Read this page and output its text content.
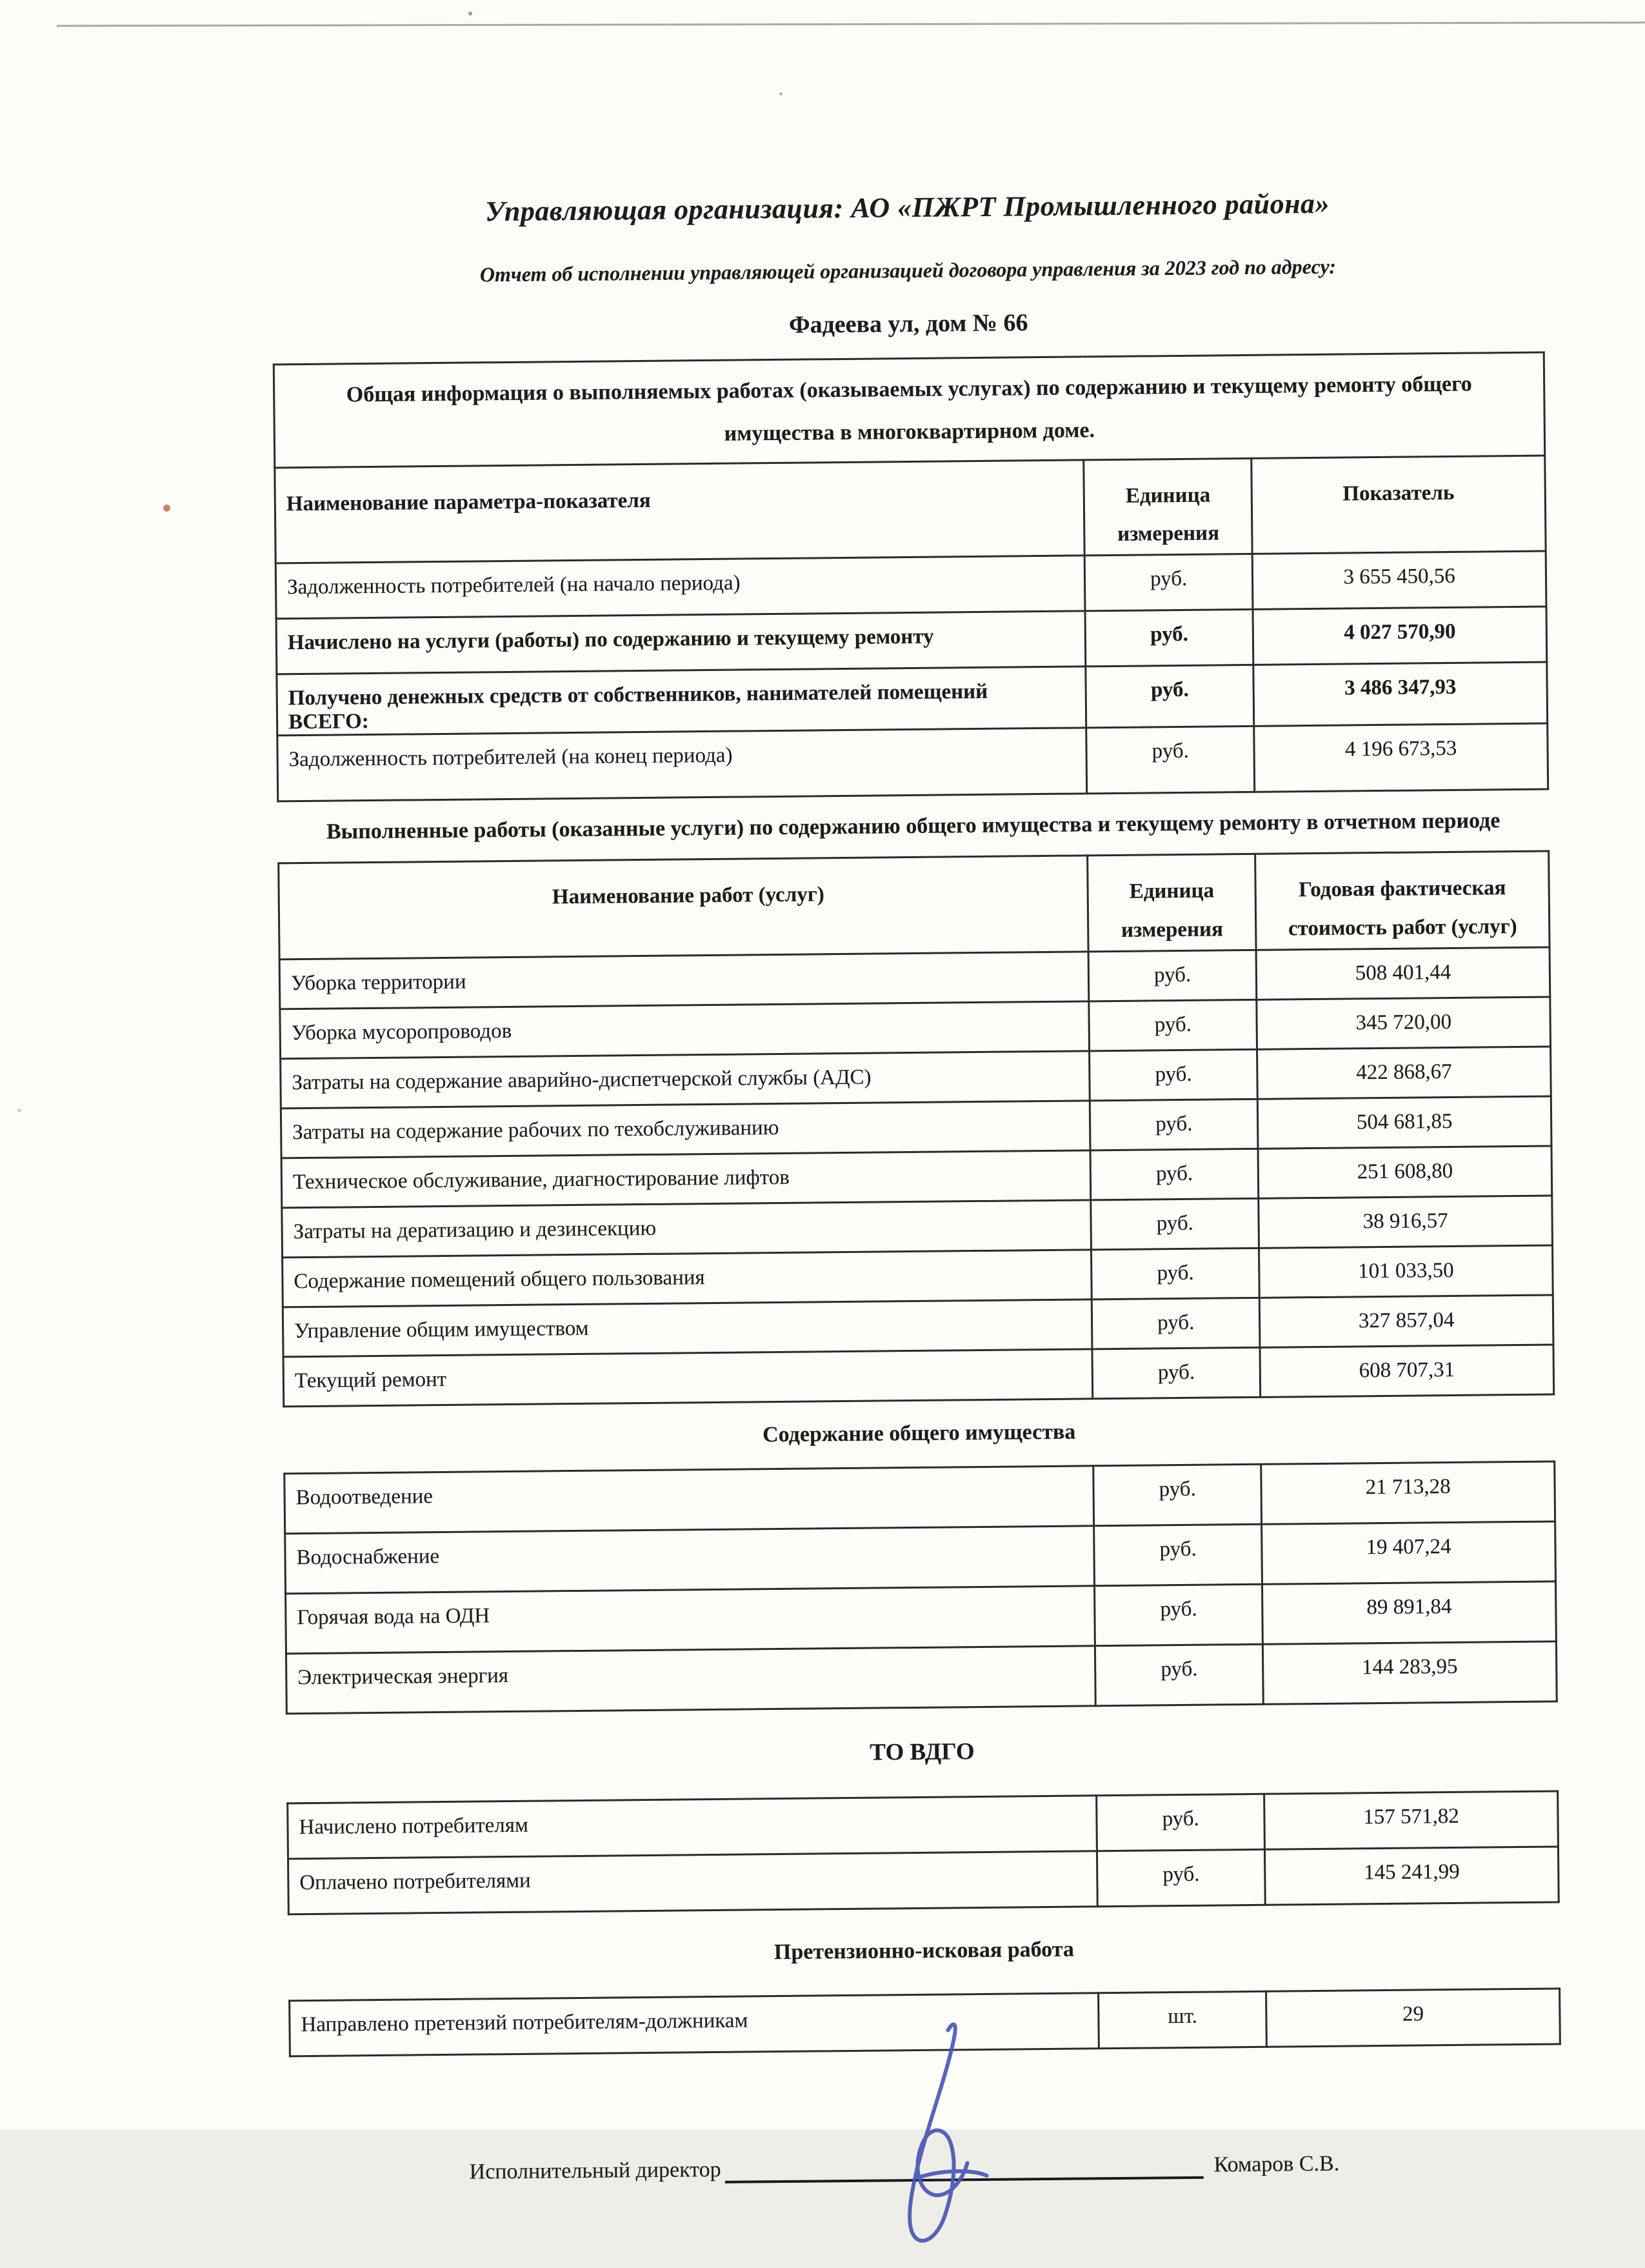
Управляющая организация: АО «ПЖРТ Промышленного района»
Отчет об исполнении управляющей организацией договора управления за 2023 год по адресу:
Фадеева ул, дом № 66
Общая информация о выполняемых работах (оказываемых услугах) по содержанию и текущему ремонту общего имущества в многоквартирном доме.		
Наименование параметра-показателя	Единица измерения	Показатель
Задолженность потребителей (на начало периода)	руб.	3 655 450,56
Начислено на услуги (работы) по содержанию и текущему ремонту	руб.	4 027 570,90
Получено денежных средств от собственников, нанимателей помещений ВСЕГО:	руб.	3 486 347,93
Задолженность потребителей (на конец периода)	руб.	4 196 673,53
Выполненные работы (оказанные услуги) по содержанию общего имущества и текущему ремонту в отчетном периоде
Наименование работ (услуг)	Единица измерения	Годовая фактическая стоимость работ (услуг)
Уборка территории	руб.	508 401,44
Уборка мусоропроводов	руб.	345 720,00
Затраты на содержание аварийно-диспетчерской службы (АДС)	руб.	422 868,67
Затраты на содержание рабочих по техобслуживанию	руб.	504 681,85
Техническое обслуживание, диагностирование лифтов	руб.	251 608,80
Затраты на дератизацию и дезинсекцию	руб.	38 916,57
Содержание помещений общего пользования	руб.	101 033,50
Управление общим имуществом	руб.	327 857,04
Текущий ремонт	руб.	608 707,31
Содержание общего имущества
Водоотведение	руб.	21 713,28
Водоснабжение	руб.	19 407,24
Горячая вода на ОДН	руб.	89 891,84
Электрическая энергия	руб.	144 283,95
ТО ВДГО
Начислено потребителям	руб.	157 571,82
Оплачено потребителями	руб.	145 241,99
Претензионно-исковая работа
Направлено претензий потребителям-должникам	шт.	29
Исполнительный директор	Комаров С.В.
